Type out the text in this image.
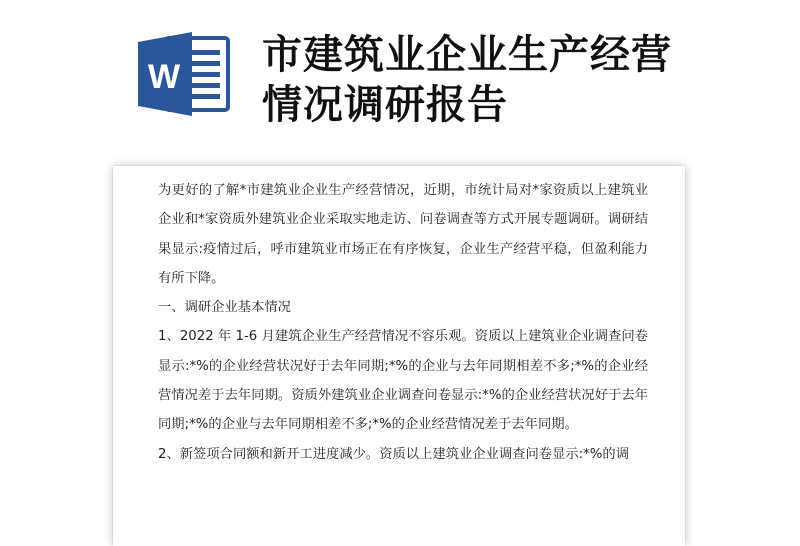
W 市建筑业企业生产经营情况调研报告

为更好的了解*市建筑业企业生产经营情况，近期，市统计局对*家资质以上建筑业企业和*家资质外建筑业企业采取实地走访、问卷调查等方式开展专题调研。调研结果显示:疫情过后，呼市建筑业市场正在有序恢复，企业生产经营平稳，但盈利能力有所下降。

一、调研企业基本情况

1、2022 年 1-6 月建筑企业生产经营情况不容乐观。资质以上建筑业企业调查问卷显示:*%的企业经营状况好于去年同期;*%的企业与去年同期相差不多;*%的企业经营情况差于去年同期。资质外建筑业企业调查问卷显示:*%的企业经营状况好于去年同期;*%的企业与去年同期相差不多;*%的企业经营情况差于去年同期。

2、新签项合同额和新开工进度减少。资质以上建筑业企业调查问卷显示:*%的调
